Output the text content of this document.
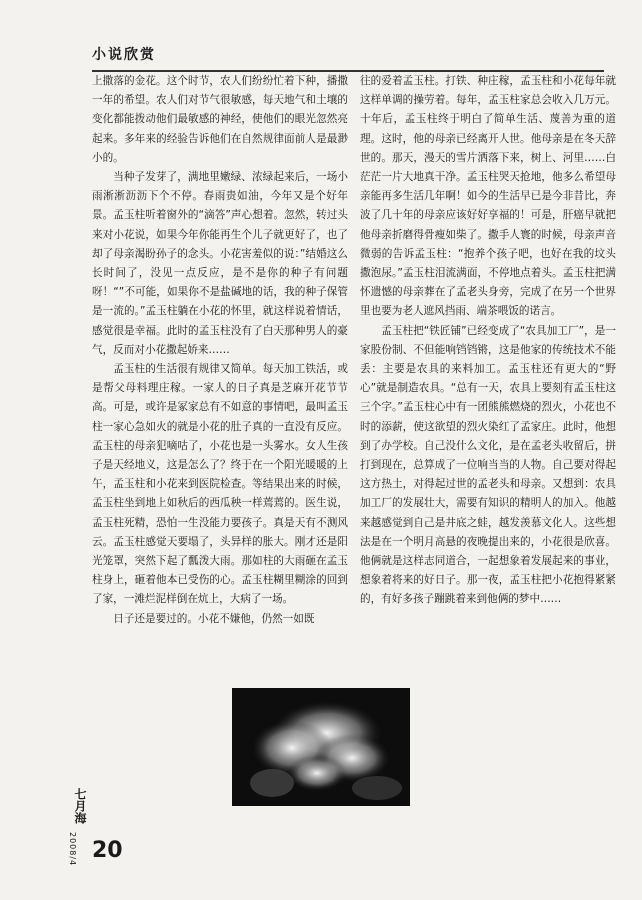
小说欣赏

上撒落的金花。这个时节，农人们纷纷忙着下种，播撒一年的希望。农人们对节气很敏感，每天地气和土壤的变化都能拨动他们最敏感的神经，使他们的眼光忽然亮起来。多年来的经验告诉他们在自然规律面前人是最渺小的。

当种子发芽了，满地里嫩绿、浓绿起来后，一场小雨淅淅沥沥下个不停。春雨贵如油，今年又是个好年景。孟玉柱听着窗外的“滴答”声心想着。忽然，转过头来对小花说，如果今年你能再生个儿子就更好了，也了却了母亲渴盼孙子的念头。小花害羞似的说：”结婚这么长时间了，没见一点反应，是不是你的种子有问题呀！“”不可能，如果你不是盐碱地的话，我的种子保管是一流的。”孟玉柱躺在小花的怀里，就这样说着情话，感觉很是幸福。此时的孟玉柱没有了白天那种男人的豪气，反而对小花撒起娇来……

孟玉柱的生活很有规律又简单。每天加工铁活，或是帮父母料理庄稼。一家人的日子真是芝麻开花节节高。可是，或许是冢家总有不如意的事情吧，最叫孟玉柱一家心急如火的就是小花的肚子真的一直没有反应。孟玉柱的母亲犯嘀咕了，小花也是一头雾水。女人生孩子是天经地义，这是怎么了？终于在一个阳光暖暖的上午，孟玉柱和小花来到医院检查。等结果出来的时候，孟玉柱坐到地上如秋后的西瓜秧一样蔫蔫的。医生说，孟玉柱死精，恐怕一生没能力要孩子。真是天有不测风云。孟玉柱感觉天要塌了，头异样的胀大。刚才还是阳光笼罩，突然下起了瓢泼大雨。那如柱的大雨砸在孟玉柱身上，砸着他本已受伤的心。孟玉柱糊里糊涂的回到了家，一滩烂泥样倒在炕上，大病了一场。

日子还是要过的。小花不嫌他，仍然一如既

往的爱着孟玉柱。打铁、种庄稼，孟玉柱和小花每年就这样单调的操劳着。每年，孟玉柱家总会收入几万元。十年后，孟玉柱终于明白了简单生活、蔑善为重的道理。这时，他的母亲已经离开人世。他母亲是在冬天辞世的。那天，漫天的雪片洒落下来，树上、河里……白茫茫一片大地真干净。孟玉柱哭天抢地，他多么希望母亲能再多生活几年啊！如今的生活早已是今非昔比，奔波了几十年的母亲应该好好享福的！可是，肝癌早就把他母亲折磨得骨瘦如柴了。撒手人寰的时候，母亲声音微弱的告诉孟玉柱：“抱养个孩子吧，也好在我的坟头撒泡尿。”孟玉柱泪流满面，不停地点着头。孟玉柱把满怀遗憾的母亲葬在了孟老头身旁，完成了在另一个世界里也要为老人遮风挡雨、端茶喂饭的诺言。

孟玉柱把“铁匠铺”已经变成了“农具加工厂”，是一家股份制、不但能响铛铛锵，这是他家的传统技术不能丢：主要是农具的来料加工。孟玉柱还有更大的“野心”就是制造农具。“总有一天，农具上要刻有孟玉柱这三个字。”孟玉柱心中有一团熊熊燃烧的烈火，小花也不时的添薪，使这欲望的烈火染红了孟家庄。此时，他想到了办学校。自己没什么文化，是在孟老头收留后，拼打到现在，总算成了一位响当当的人物。自己要对得起这方热土，对得起过世的孟老头和母亲。又想到：农具加工厂的发展壮大，需要有知识的精明人的加入。他越来越感觉到自己是井底之蛙，越发羡慕文化人。这些想法是在一个明月高悬的夜晚提出来的，小花很是欣喜。他俩就是这样志同道合，一起想象着发展起来的事业，想象着将来的好日子。那一夜，孟玉柱把小花抱得紧紧的，有好多孩子蹦跳着来到他俩的梦中……

七月海
2008/4 20
